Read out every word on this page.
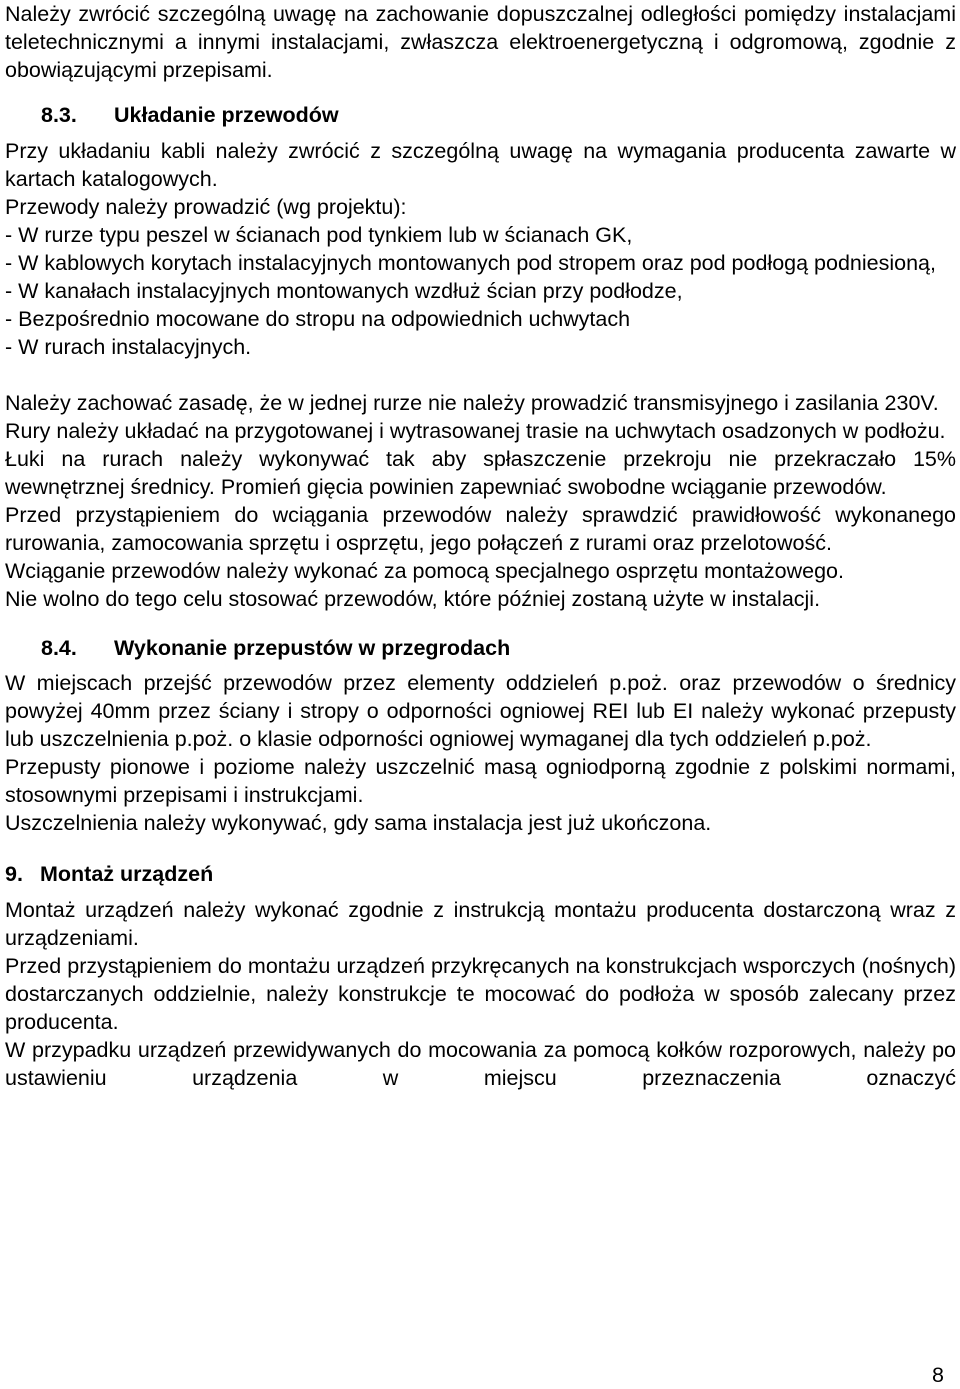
Należy zwrócić szczególną uwagę na zachowanie dopuszczalnej odległości pomiędzy instalacjami teletechnicznymi a innymi instalacjami, zwłaszcza elektroenergetyczną i odgromową, zgodnie z obowiązującymi przepisami.

8.3.	Układanie przewodów

Przy układaniu kabli należy zwrócić z szczególną uwagę na wymagania producenta zawarte w kartach katalogowych.

Przewody należy prowadzić (wg projektu):

- W rurze typu peszel w ścianach pod tynkiem lub w ścianach GK,

- W kablowych korytach instalacyjnych montowanych pod stropem oraz pod podłogą podniesioną,

- W kanałach instalacyjnych montowanych wzdłuż ścian przy podłodze,

- Bezpośrednio mocowane do stropu na odpowiednich uchwytach

- W rurach instalacyjnych.

Należy zachować zasadę, że w jednej rurze nie należy prowadzić transmisyjnego i zasilania 230V.

Rury należy układać na przygotowanej i wytrasowanej trasie na uchwytach osadzonych w podłożu.

Łuki na rurach należy wykonywać tak aby spłaszczenie przekroju nie przekraczało 15% wewnętrznej średnicy. Promień gięcia powinien zapewniać swobodne wciąganie przewodów.

Przed przystąpieniem do wciągania przewodów należy sprawdzić prawidłowość wykonanego rurowania, zamocowania sprzętu i osprzętu, jego połączeń z rurami oraz przelotowość.

Wciąganie przewodów należy wykonać za pomocą specjalnego osprzętu montażowego.

Nie wolno do tego celu stosować przewodów, które później zostaną użyte w instalacji.

8.4.	Wykonanie przepustów w przegrodach

W miejscach przejść przewodów przez elementy oddzieleń p.poż. oraz przewodów o średnicy powyżej 40mm przez ściany i stropy o odporności ogniowej REI lub EI należy wykonać przepusty lub uszczelnienia p.poż. o klasie odporności ogniowej wymaganej dla tych oddzieleń p.poż.

Przepusty pionowe i poziome należy uszczelnić masą ogniodporną zgodnie z polskimi normami, stosownymi przepisami i instrukcjami.

Uszczelnienia należy wykonywać, gdy sama instalacja jest już ukończona.

9. Montaż urządzeń

Montaż urządzeń należy wykonać zgodnie z instrukcją montażu producenta dostarczoną wraz z urządzeniami.

Przed przystąpieniem do montażu urządzeń przykręcanych na konstrukcjach wsporczych (nośnych) dostarczanych oddzielnie, należy konstrukcje te mocować do podłoża w sposób zalecany przez producenta.

W przypadku urządzeń przewidywanych do mocowania za pomocą kołków rozporowych, należy po ustawieniu urządzenia w miejscu przeznaczenia oznaczyć

8
